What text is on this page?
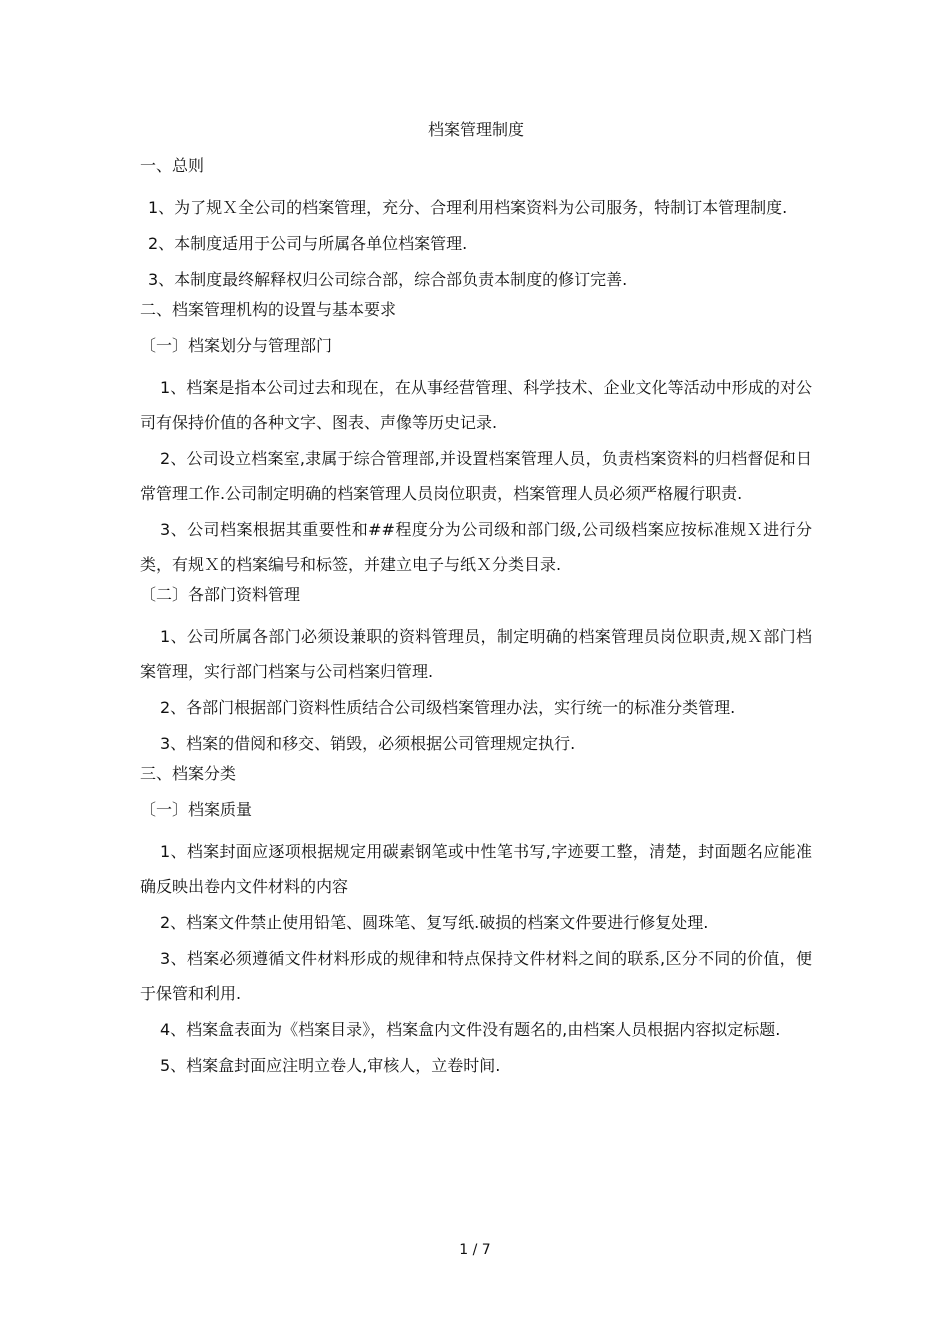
档案管理制度
一、总则
1、为了规Ｘ全公司的档案管理，充分、合理利用档案资料为公司服务，特制订本管理制度.
2、本制度适用于公司与所属各单位档案管理.
3、本制度最终解释权归公司综合部，综合部负责本制度的修订完善.
二、档案管理机构的设置与基本要求
〔一〕档案划分与管理部门
1、档案是指本公司过去和现在，在从事经营管理、科学技术、企业文化等活动中形成的对公司有保持价值的各种文字、图表、声像等历史记录.
2、公司设立档案室,隶属于综合管理部,并设置档案管理人员，负责档案资料的归档督促和日常管理工作.公司制定明确的档案管理人员岗位职责，档案管理人员必须严格履行职责.
3、公司档案根据其重要性和##程度分为公司级和部门级,公司级档案应按标准规Ｘ进行分类，有规Ｘ的档案编号和标签，并建立电子与纸Ｘ分类目录.
〔二〕各部门资料管理
1、公司所属各部门必须设兼职的资料管理员，制定明确的档案管理员岗位职责,规Ｘ部门档案管理，实行部门档案与公司档案归管理.
2、各部门根据部门资料性质结合公司级档案管理办法，实行统一的标准分类管理.
3、档案的借阅和移交、销毁，必须根据公司管理规定执行.
三、档案分类
〔一〕档案质量
1、档案封面应逐项根据规定用碳素钢笔或中性笔书写,字迹要工整，清楚，封面题名应能准确反映出卷内文件材料的内容
2、档案文件禁止使用铅笔、圆珠笔、复写纸.破损的档案文件要进行修复处理.
3、档案必须遵循文件材料形成的规律和特点保持文件材料之间的联系,区分不同的价值，便于保管和利用.
4、档案盒表面为《档案目录》，档案盒内文件没有题名的,由档案人员根据内容拟定标题.
5、档案盒封面应注明立卷人,审核人，立卷时间.
1 / 7
